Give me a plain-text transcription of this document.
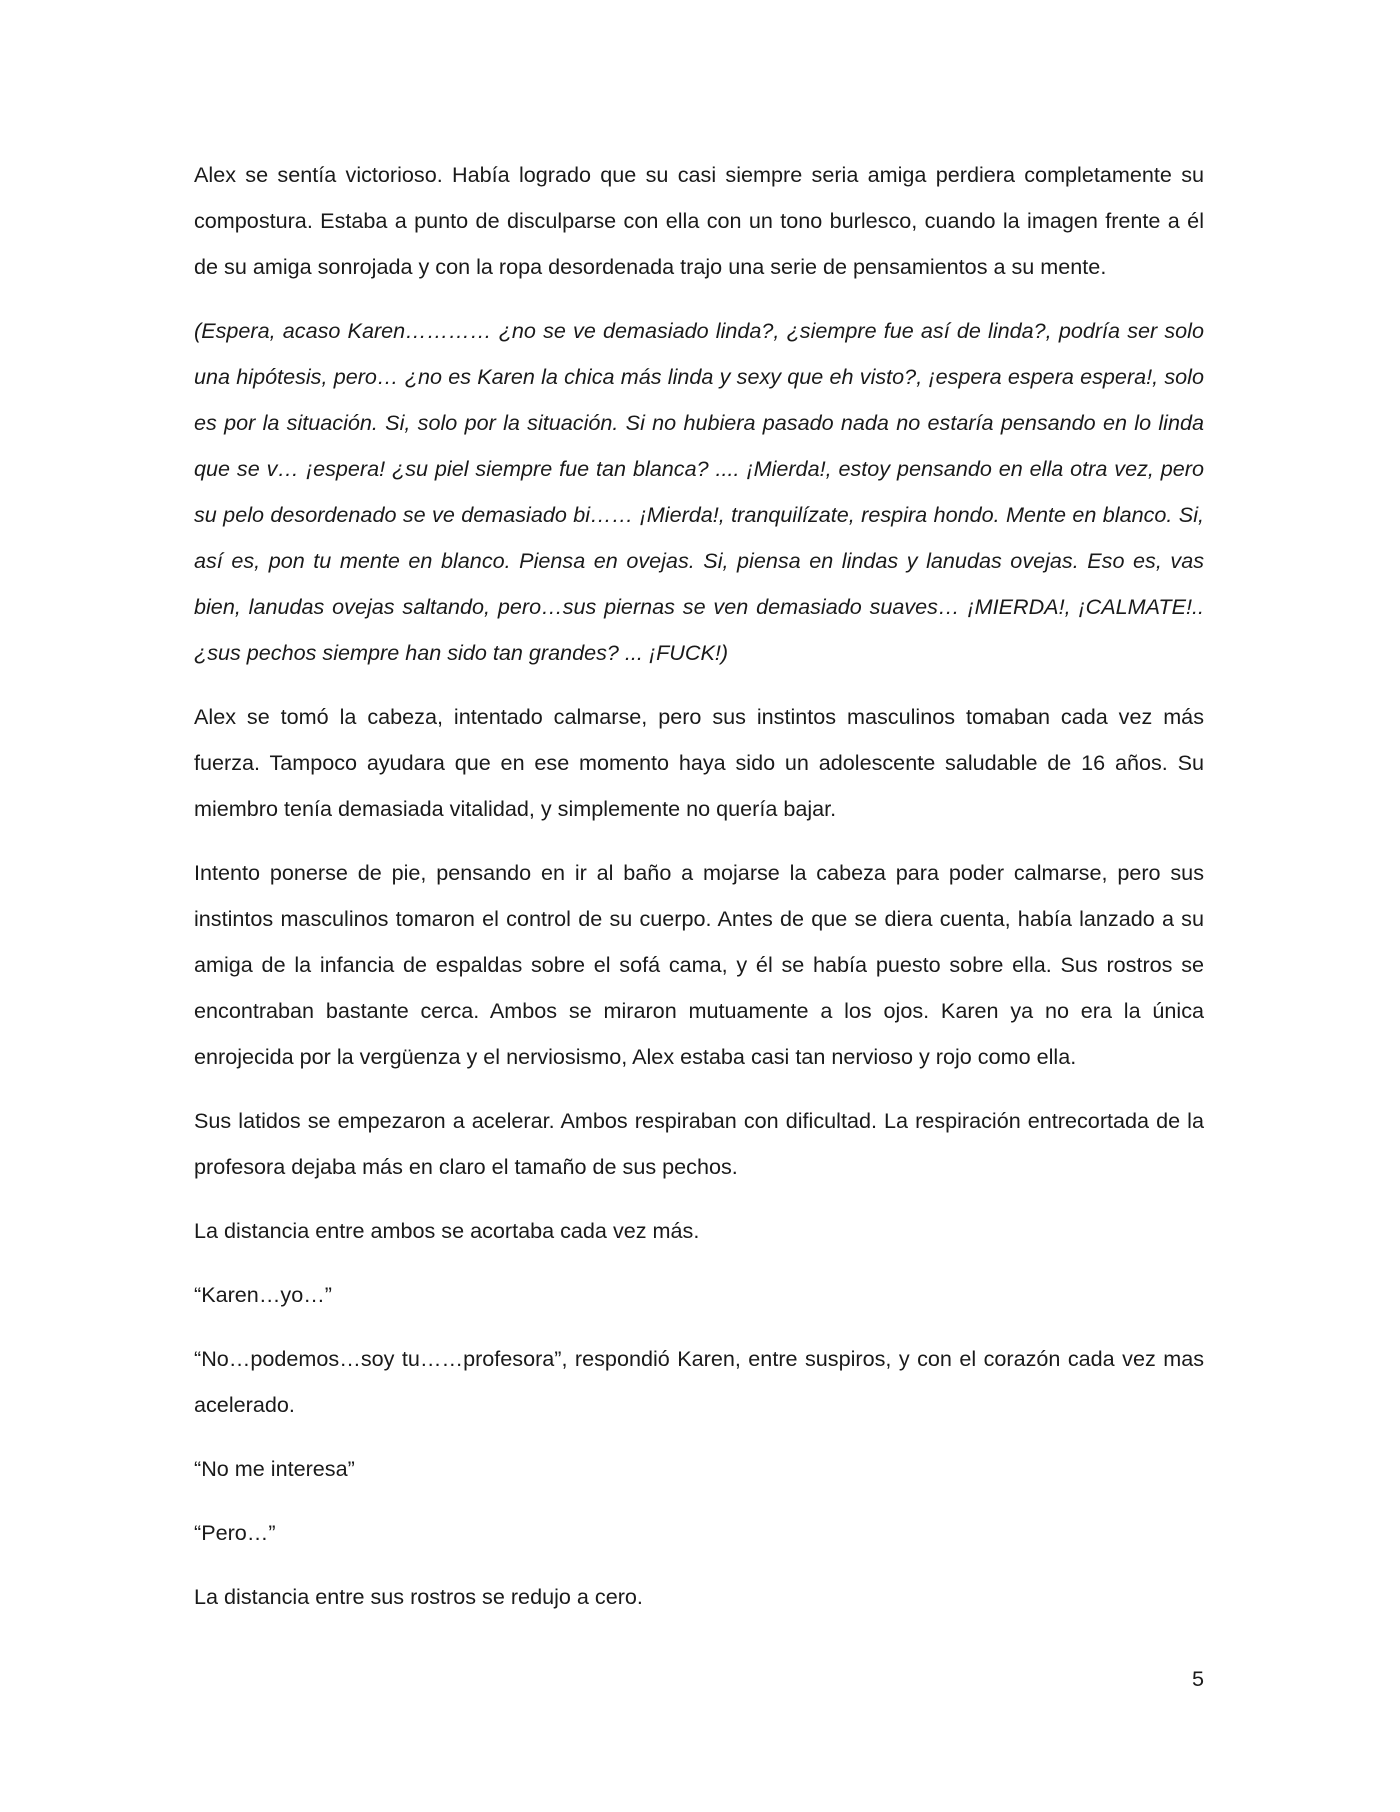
Alex se sentía victorioso. Había logrado que su casi siempre seria amiga perdiera completamente su compostura. Estaba a punto de disculparse con ella con un tono burlesco, cuando la imagen frente a él de su amiga sonrojada y con la ropa desordenada trajo una serie de pensamientos a su mente.

(Espera, acaso Karen………… ¿no se ve demasiado linda?, ¿siempre fue así de linda?, podría ser solo una hipótesis, pero… ¿no es Karen la chica más linda y sexy que eh visto?, ¡espera espera espera!, solo es por la situación. Si, solo por la situación. Si no hubiera pasado nada no estaría pensando en lo linda que se v… ¡espera! ¿su piel siempre fue tan blanca? .... ¡Mierda!, estoy pensando en ella otra vez, pero su pelo desordenado se ve demasiado bi…… ¡Mierda!, tranquilízate, respira hondo. Mente en blanco. Si, así es, pon tu mente en blanco. Piensa en ovejas. Si, piensa en lindas y lanudas ovejas. Eso es, vas bien, lanudas ovejas saltando, pero…sus piernas se ven demasiado suaves… ¡MIERDA!, ¡CALMATE!..¿sus pechos siempre han sido tan grandes? ... ¡FUCK!)

Alex se tomó la cabeza, intentado calmarse, pero sus instintos masculinos tomaban cada vez más fuerza. Tampoco ayudara que en ese momento haya sido un adolescente saludable de 16 años. Su miembro tenía demasiada vitalidad, y simplemente no quería bajar.

Intento ponerse de pie, pensando en ir al baño a mojarse la cabeza para poder calmarse, pero sus instintos masculinos tomaron el control de su cuerpo. Antes de que se diera cuenta, había lanzado a su amiga de la infancia de espaldas sobre el sofá cama, y él se había puesto sobre ella. Sus rostros se encontraban bastante cerca. Ambos se miraron mutuamente a los ojos. Karen ya no era la única enrojecida por la vergüenza y el nerviosismo, Alex estaba casi tan nervioso y rojo como ella.

Sus latidos se empezaron a acelerar. Ambos respiraban con dificultad. La respiración entrecortada de la profesora dejaba más en claro el tamaño de sus pechos.

La distancia entre ambos se acortaba cada vez más.

“Karen…yo…”

“No…podemos…soy tu……profesora”, respondió Karen, entre suspiros, y con el corazón cada vez mas acelerado.

“No me interesa”

“Pero…”

La distancia entre sus rostros se redujo a cero.

5
